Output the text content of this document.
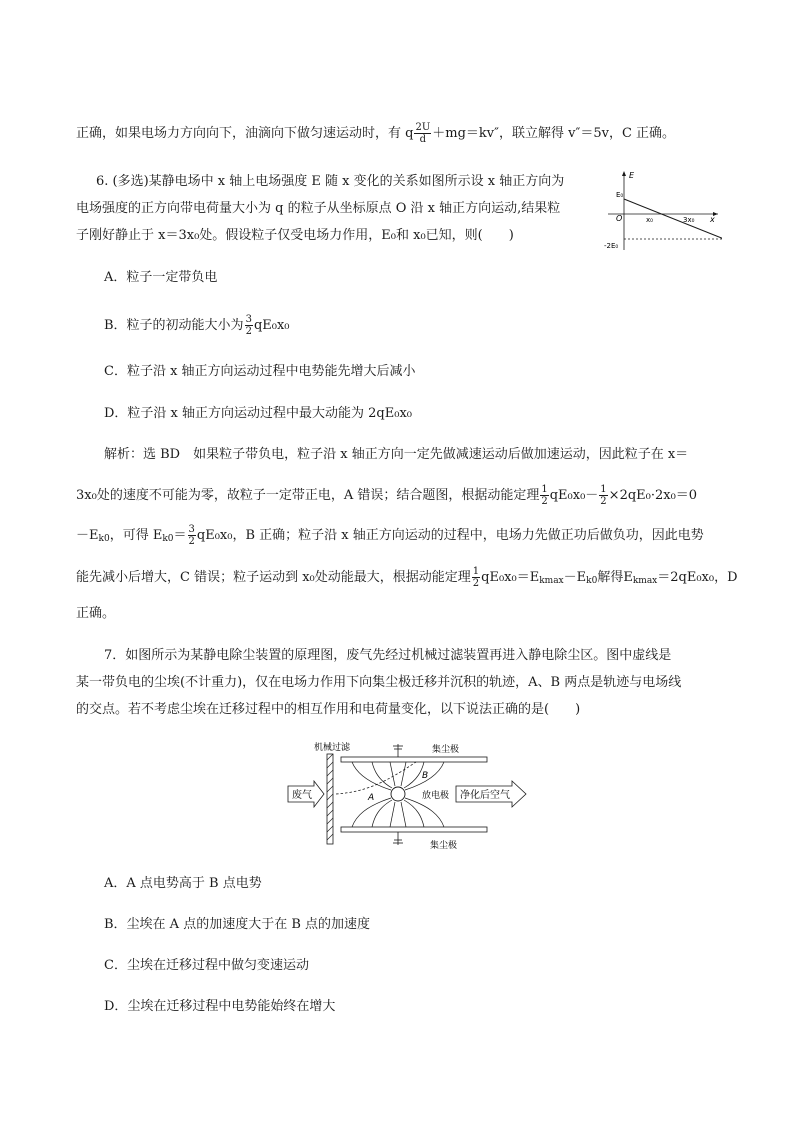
正确，如果电场力方向向下，油滴向下做匀速运动时，有 q $\frac{2U}{d} +mg=kv''$，联立解得 v″＝5v，C 正确。
6. (多选)某静电场中 x 轴上电场强度 E 随 x 变化的关系如图所示设 x 轴正方向为
电场强度的正方向带电荷量大小为 q 的粒子从坐标原点 O 沿 x 轴正方向运动,结果粒
子刚好静止于 x＝3x₀处。假设粒子仅受电场力作用，E₀和 x₀已知，则(　　)
E
E₀
O	x₀	3x₀ x
-2E₀
A．粒子一定带负电
B．粒子的初动能大小为 $\frac{3}{2} qE_0x_0$
C．粒子沿 x 轴正方向运动过程中电势能先增大后减小
D．粒子沿 x 轴正方向运动过程中最大动能为 2qE₀x₀
解析：选 BD　如果粒子带负电，粒子沿 x 轴正方向一定先做减速运动后做加速运动，因此粒子在 x＝
3x₀处的速度不可能为零，故粒子一定带正电，A 错误；结合题图，根据动能定理 $\frac{1}{2} qE_0x_0- \frac{1}{2} \times 2qE_0\cdot 2x_0=0$
$-E_{k0}$，可得 $E_{k0}= \frac{3}{2} qE_0x_0$，B 正确；粒子沿 x 轴正方向运动的过程中，电场力先做正功后做负功，因此电势
能先减小后增大，C 错误；粒子运动到 x₀处动能最大，根据动能定理 $\frac{1}{2} qE_0x_0=E_{kmax}-E_{k0}$解得$E_{kmax}=2qE_0x_0$，D
正确。
7．如图所示为某静电除尘装置的原理图，废气先经过机械过滤装置再进入静电除尘区。图中虚线是
某一带负电的尘埃(不计重力)，仅在电场力作用下向集尘极迁移并沉积的轨迹，A、B 两点是轨迹与电场线
的交点。若不考虑尘埃在迁移过程中的相互作用和电荷量变化，以下说法正确的是(　　)
废气	净化后空气
机械过滤	集尘极
集尘极
放电极
A
B
A．A 点电势高于 B 点电势
B．尘埃在 A 点的加速度大于在 B 点的加速度
C．尘埃在迁移过程中做匀变速运动
D．尘埃在迁移过程中电势能始终在增大
